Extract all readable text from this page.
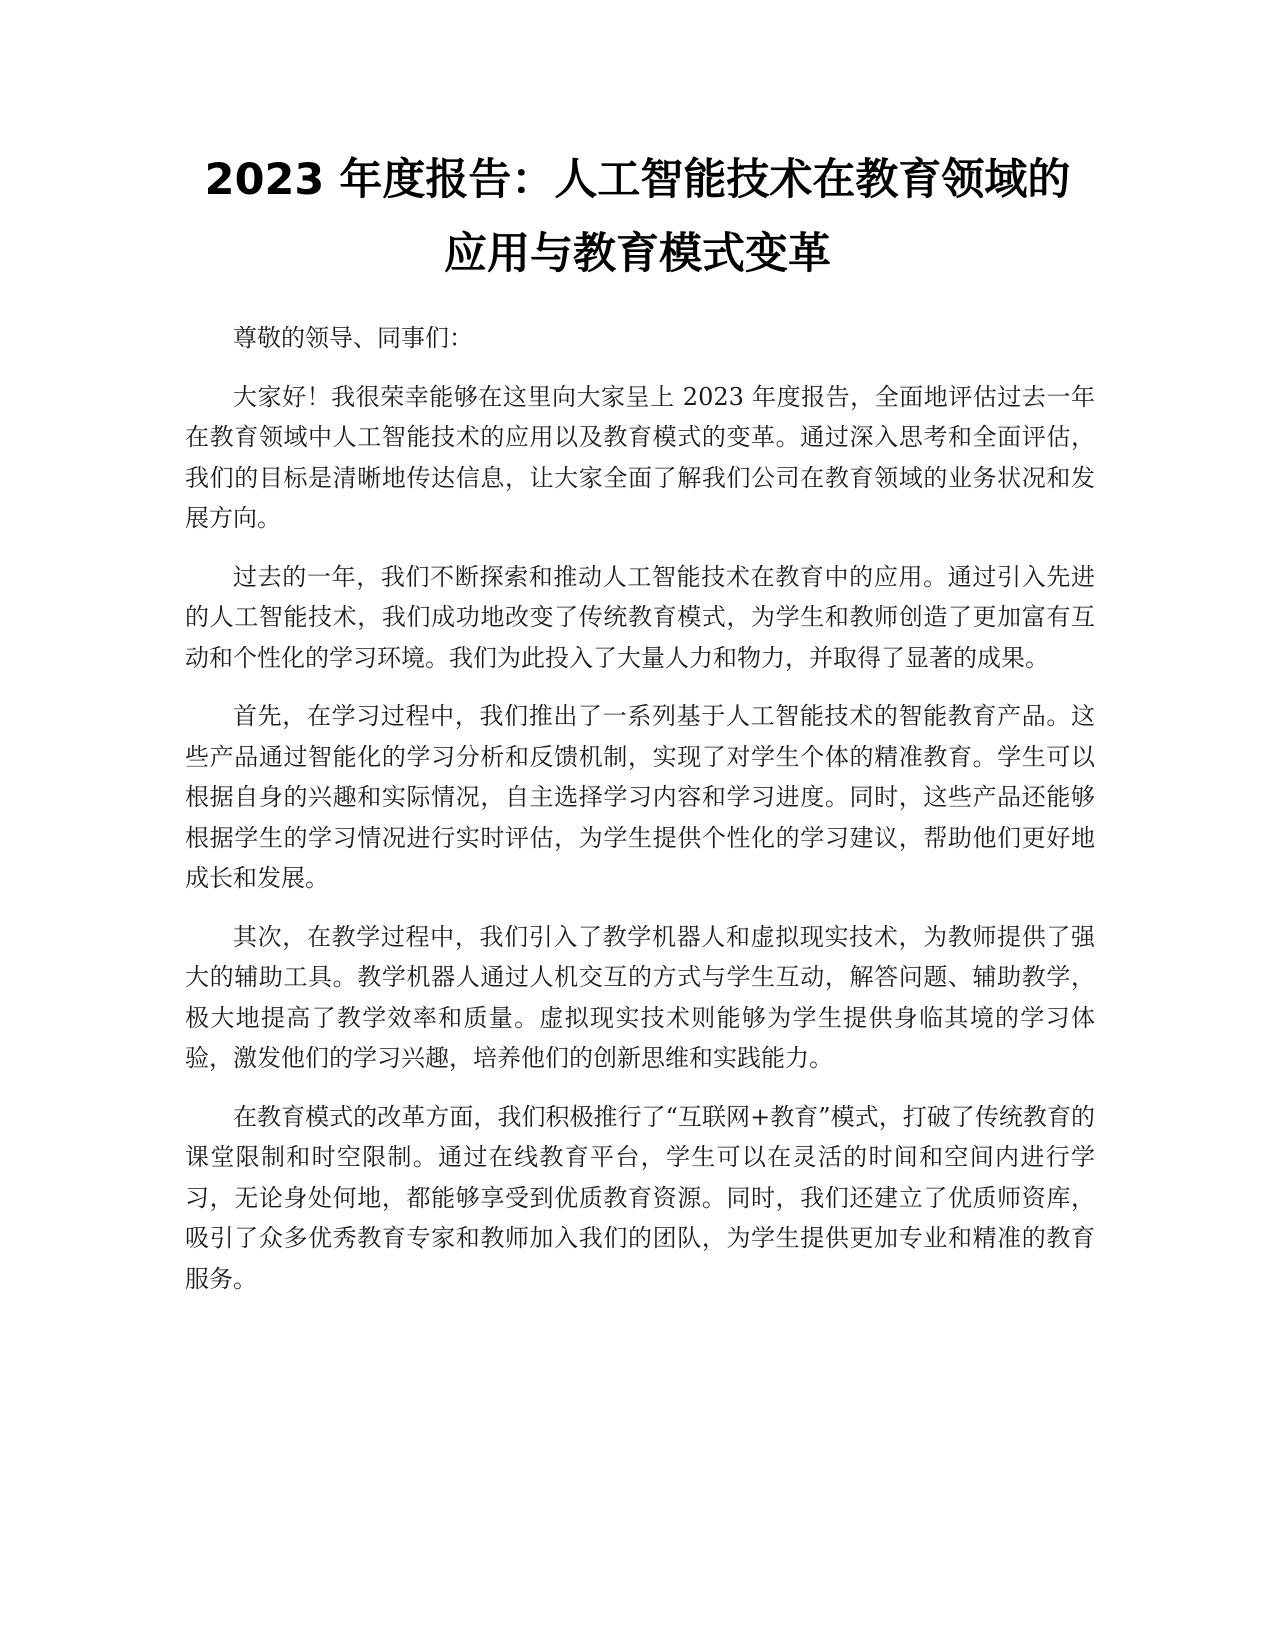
2023 年度报告：人工智能技术在教育领域的
应用与教育模式变革

尊敬的领导、同事们：

大家好！我很荣幸能够在这里向大家呈上 2023 年度报告，全面地评估过去一年在教育领域中人工智能技术的应用以及教育模式的变革。通过深入思考和全面评估，我们的目标是清晰地传达信息，让大家全面了解我们公司在教育领域的业务状况和发展方向。

过去的一年，我们不断探索和推动人工智能技术在教育中的应用。通过引入先进的人工智能技术，我们成功地改变了传统教育模式，为学生和教师创造了更加富有互动和个性化的学习环境。我们为此投入了大量人力和物力，并取得了显著的成果。

首先，在学习过程中，我们推出了一系列基于人工智能技术的智能教育产品。这些产品通过智能化的学习分析和反馈机制，实现了对学生个体的精准教育。学生可以根据自身的兴趣和实际情况，自主选择学习内容和学习进度。同时，这些产品还能够根据学生的学习情况进行实时评估，为学生提供个性化的学习建议，帮助他们更好地成长和发展。

其次，在教学过程中，我们引入了教学机器人和虚拟现实技术，为教师提供了强大的辅助工具。教学机器人通过人机交互的方式与学生互动，解答问题、辅助教学，极大地提高了教学效率和质量。虚拟现实技术则能够为学生提供身临其境的学习体验，激发他们的学习兴趣，培养他们的创新思维和实践能力。

在教育模式的改革方面，我们积极推行了“互联网+教育”模式，打破了传统教育的课堂限制和时空限制。通过在线教育平台，学生可以在灵活的时间和空间内进行学习，无论身处何地，都能够享受到优质教育资源。同时，我们还建立了优质师资库，吸引了众多优秀教育专家和教师加入我们的团队，为学生提供更加专业和精准的教育服务。
